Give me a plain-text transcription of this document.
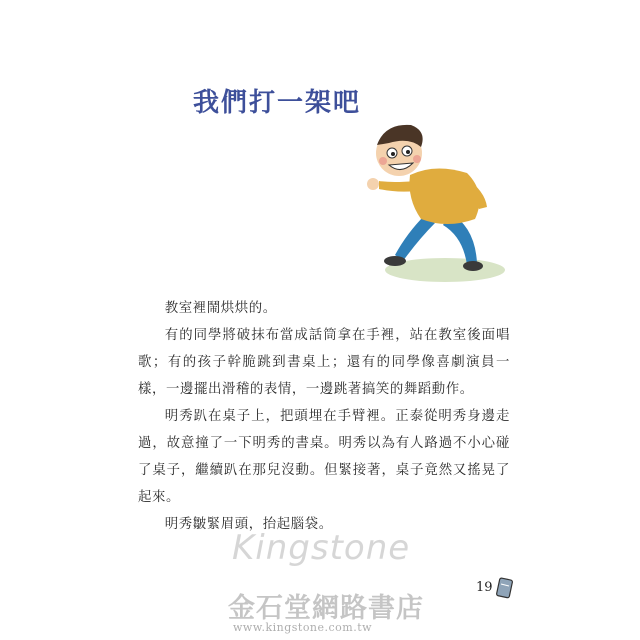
我們打一架吧

教室裡鬧烘烘的。

有的同學將破抹布當成話筒拿在手裡，站在教室後面唱歌；有的孩子幹脆跳到書桌上；還有的同學像喜劇演員一樣，一邊擺出滑稽的表情，一邊跳著搞笑的舞蹈動作。

明秀趴在桌子上，把頭埋在手臂裡。正泰從明秀身邊走過，故意撞了一下明秀的書桌。明秀以為有人路過不小心碰了桌子，繼續趴在那兒沒動。但緊接著，桌子竟然又搖晃了起來。

明秀皺緊眉頭，抬起腦袋。

Kingstone
金石堂網路書店
www.kingstone.com.tw
19
